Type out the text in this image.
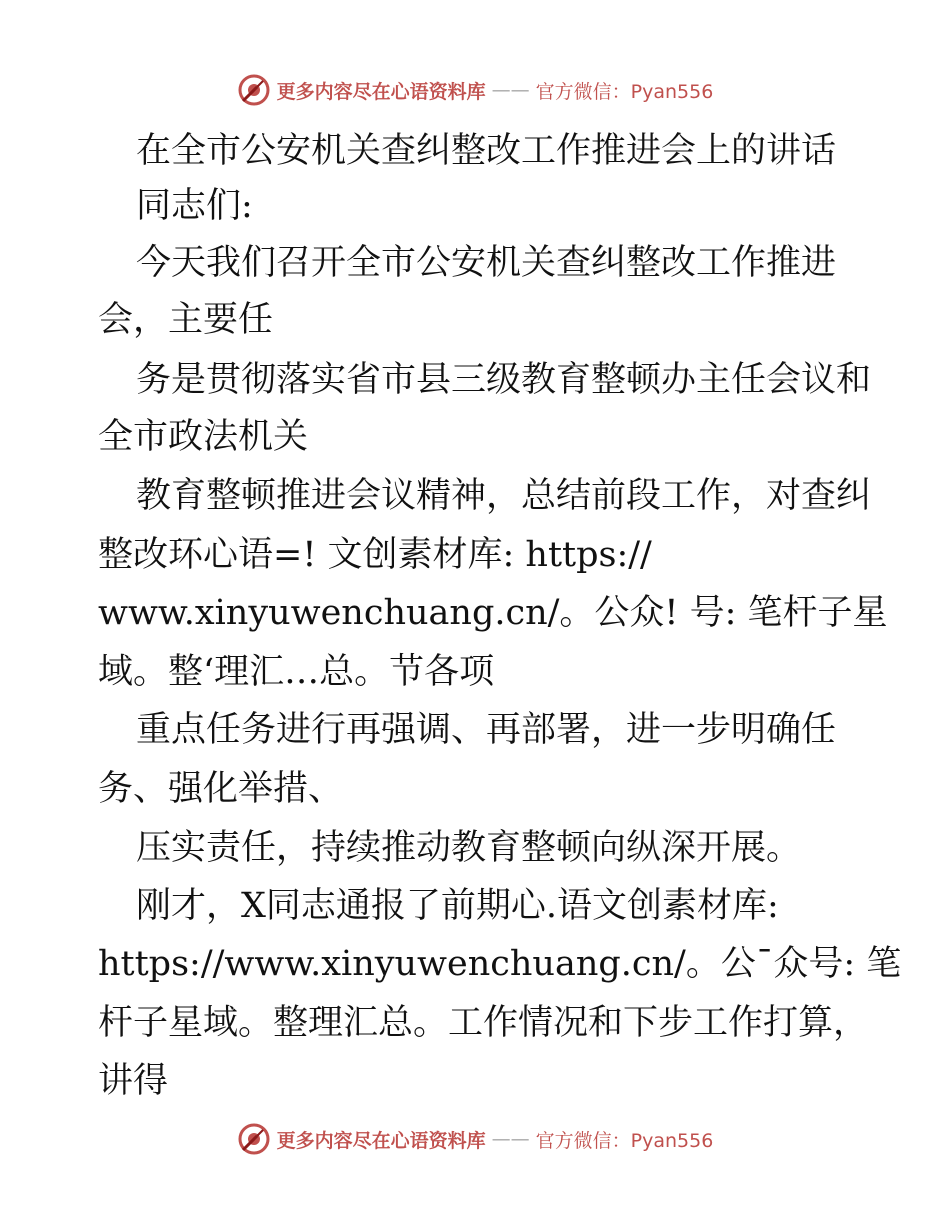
更多内容尽在心语资料库 —— 官方微信：Pyan556
在全市公安机关查纠整改工作推进会上的讲话
同志们:
今天我们召开全市公安机关查纠整改工作推进
会，主要任
务是贯彻落实省市县三级教育整顿办主任会议和
全市政法机关
教育整顿推进会议精神，总结前段工作，对查纠
整改环心语=! 文创素材库: https://
www.xinyuwenchuang.cn/。公众! 号: 笔杆子星
域。整‘理汇…总。节各项
重点任务进行再强调、再部署，进一步明确任
务、强化举措、
压实责任，持续推动教育整顿向纵深开展。
刚才，X同志通报了前期心.语文创素材库:
https://www.xinyuwenchuang.cn/。公¯众号: 笔
杆子星域。整理汇总。工作情况和下步工作打算，
讲得
更多内容尽在心语资料库 —— 官方微信：Pyan556
